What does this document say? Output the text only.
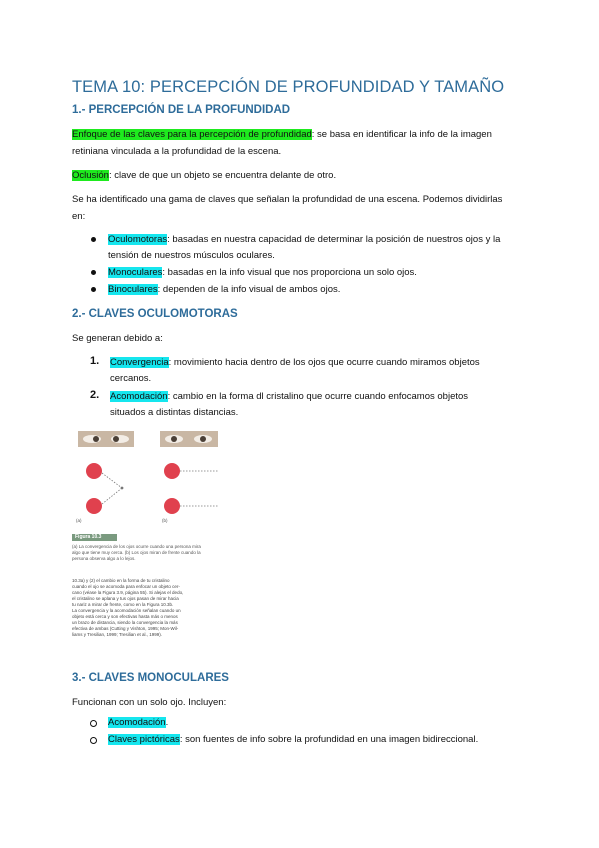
TEMA 10: PERCEPCIÓN DE PROFUNDIDAD Y TAMAÑO
1.- PERCEPCIÓN DE LA PROFUNDIDAD
Enfoque de las claves para la percepción de profundidad: se basa en identificar la info de la imagen
retiniana vinculada a la profundidad de la escena.
Oclusión: clave de que un objeto se encuentra delante de otro.
Se ha identificado una gama de claves que señalan la profundidad de una escena. Podemos dividirlas
en:
Oculomotoras: basadas en nuestra capacidad de determinar la posición de nuestros ojos y la
tensión de nuestros músculos oculares.
Monoculares: basadas en la info visual que nos proporciona un solo ojos.
Binoculares: dependen de la info visual de ambos ojos.
2.- CLAVES OCULOMOTORAS
Se generan debido a:
1. Convergencia: movimiento hacia dentro de los ojos que ocurre cuando miramos objetos
cercanos.
2. Acomodación: cambio en la forma dl cristalino que ocurre cuando enfocamos objetos
situados a distintas distancias.
(a)	(b)
Figura 10.3
(a) La convergencia de los ojos ocurre cuando una persona mira
algo que tiene muy cerca. (b) Los ojos miran de frente cuando la
persona observa algo a lo lejos.
10.3a) y (2) el cambio en la forma de tu cristalino
cuando el ojo se acomoda para enfocar un objeto cer-
cano (véase la Figura 3.9, página 55). Si alejas el dedo,
el cristalino se aplana y tus ojos pasan de mirar hacia
tu nariz a mirar de frente, como en la Figura 10.3b.
La convergencia y la acomodación señalan cuando un
objeto está cerca y son efectivas hasta más o menos
un brazo de distancia, siendo la convergencia la más
efectiva de ambas (Cutting y Vishton, 1995; Mon-Wil-
liams y Tresilian, 1999; Tresilian et al., 1999).
3.- CLAVES MONOCULARES
Funcionan con un solo ojo. Incluyen:
Acomodación.
Claves pictóricas: son fuentes de info sobre la profundidad en una imagen bidireccional.
